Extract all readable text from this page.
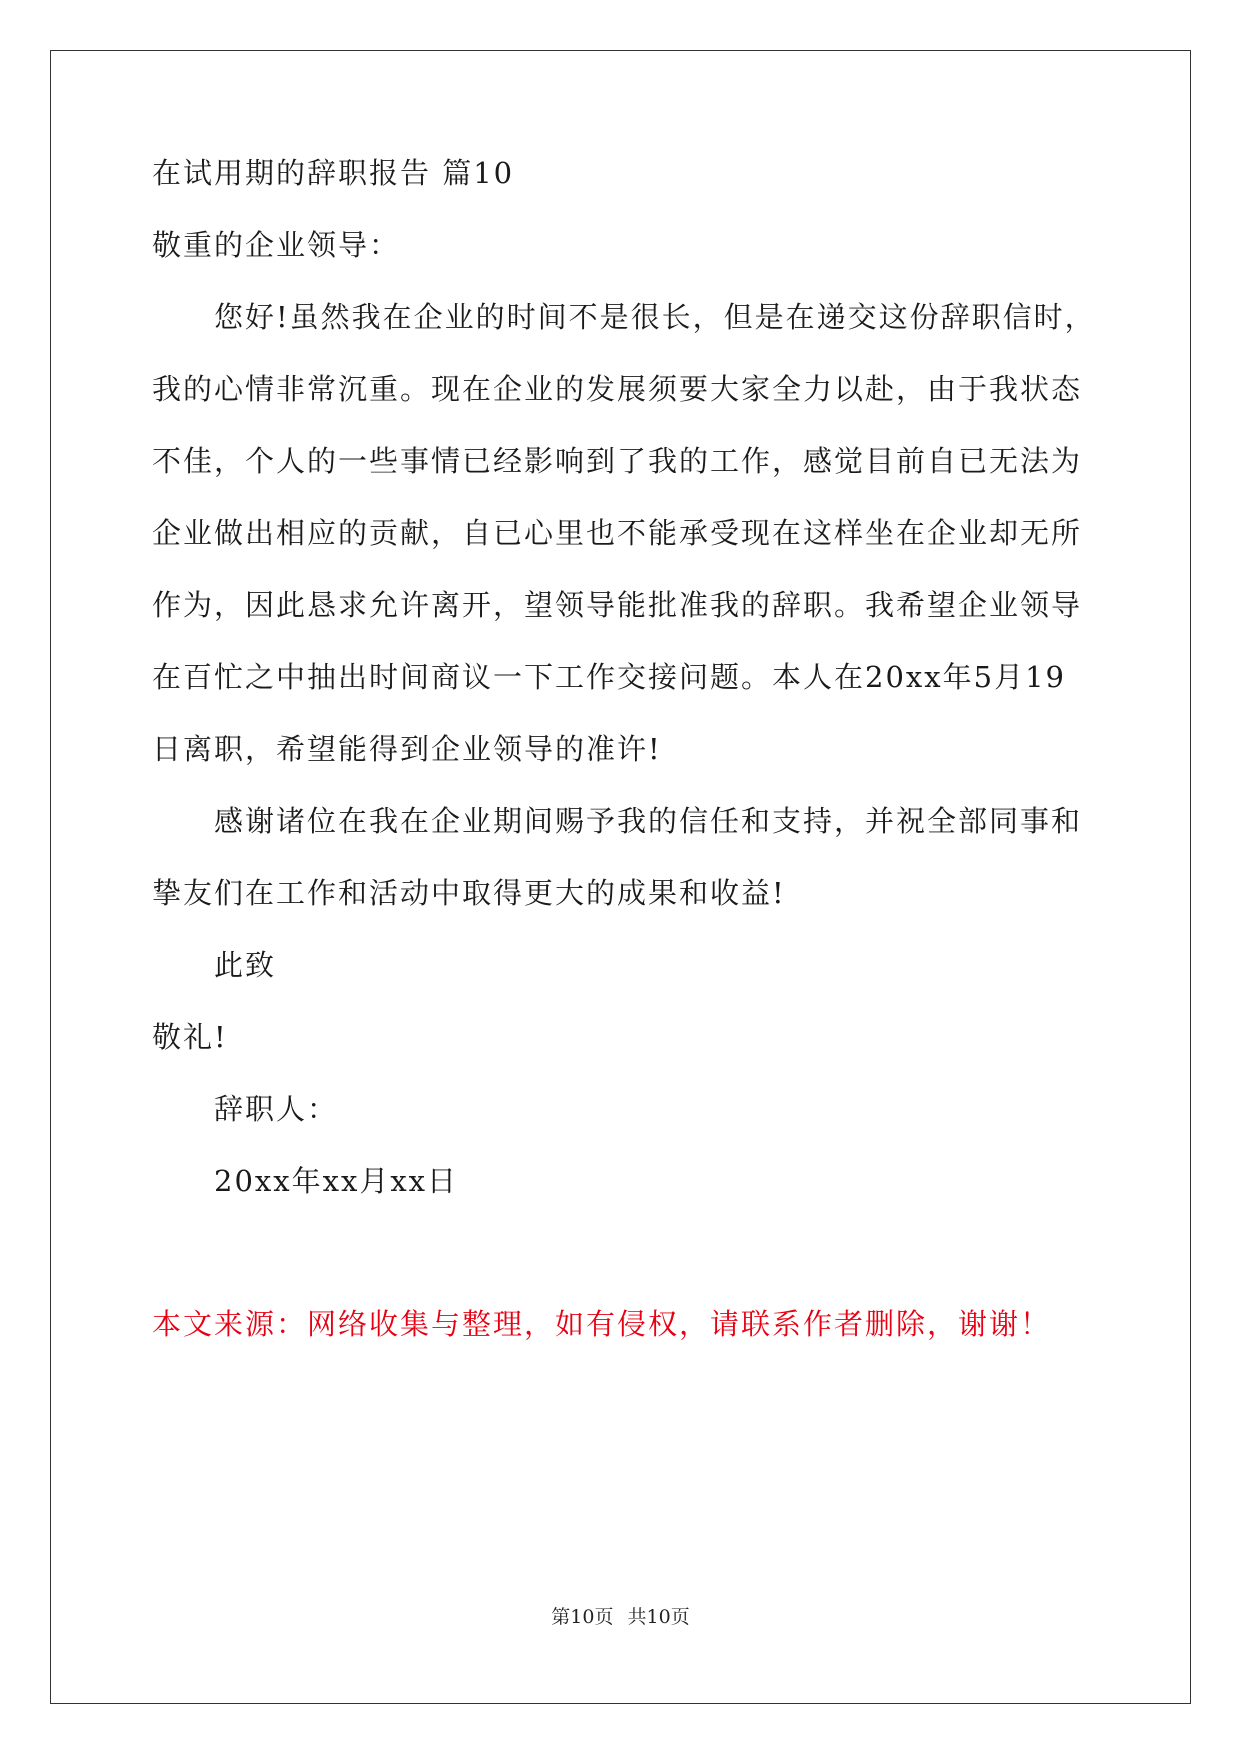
在试用期的辞职报告 篇10
敬重的企业领导：
您好!虽然我在企业的时间不是很长，但是在递交这份辞职信时，
我的心情非常沉重。现在企业的发展须要大家全力以赴，由于我状态
不佳，个人的一些事情已经影响到了我的工作，感觉目前自已无法为
企业做出相应的贡献，自已心里也不能承受现在这样坐在企业却无所
作为，因此恳求允许离开，望领导能批准我的辞职。我希望企业领导
在百忙之中抽出时间商议一下工作交接问题。本人在20xx年5月19
日离职，希望能得到企业领导的准许!
感谢诸位在我在企业期间赐予我的信任和支持，并祝全部同事和
挚友们在工作和活动中取得更大的成果和收益!
此致
敬礼!
辞职人：
20xx年xx月xx日
本文来源：网络收集与整理，如有侵权，请联系作者删除，谢谢！
第10页 共10页
